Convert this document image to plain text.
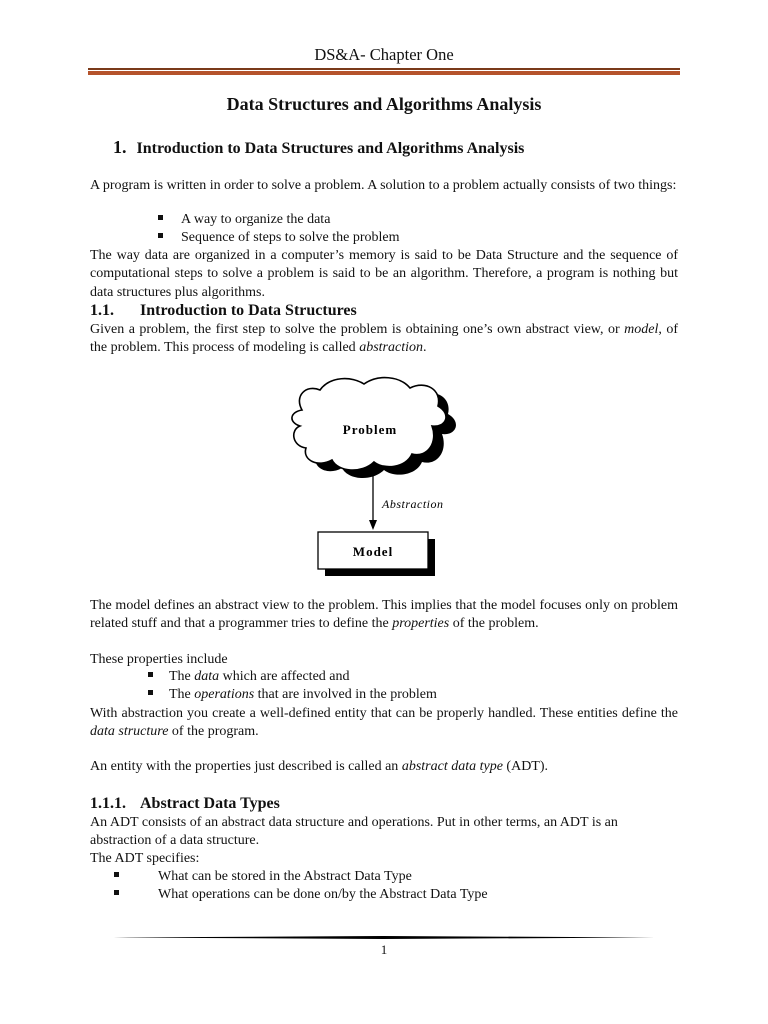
DS&A- Chapter One
Data Structures and Algorithms Analysis
1. Introduction to Data Structures and Algorithms Analysis

A program is written in order to solve a problem. A solution to a problem actually consists of two things:

A way to organize the data
Sequence of steps to solve the problem

The way data are organized in a computer’s memory is said to be Data Structure and the sequence of computational steps to solve a problem is said to be an algorithm. Therefore, a program is nothing but data structures plus algorithms.

1.1. Introduction to Data Structures

Given a problem, the first step to solve the problem is obtaining one’s own abstract view, or model, of the problem. This process of modeling is called abstraction.

Problem
Abstraction
Model

The model defines an abstract view to the problem. This implies that the model focuses only on problem related stuff and that a programmer tries to define the properties of the problem.

These properties include

The data which are affected and
The operations that are involved in the problem

With abstraction you create a well-defined entity that can be properly handled. These entities define the data structure of the program.

An entity with the properties just described is called an abstract data type (ADT).

1.1.1. Abstract Data Types

An ADT consists of an abstract data structure and operations. Put in other terms, an ADT is an abstraction of a data structure.

The ADT specifies:

What can be stored in the Abstract Data Type
What operations can be done on/by the Abstract Data Type
1
